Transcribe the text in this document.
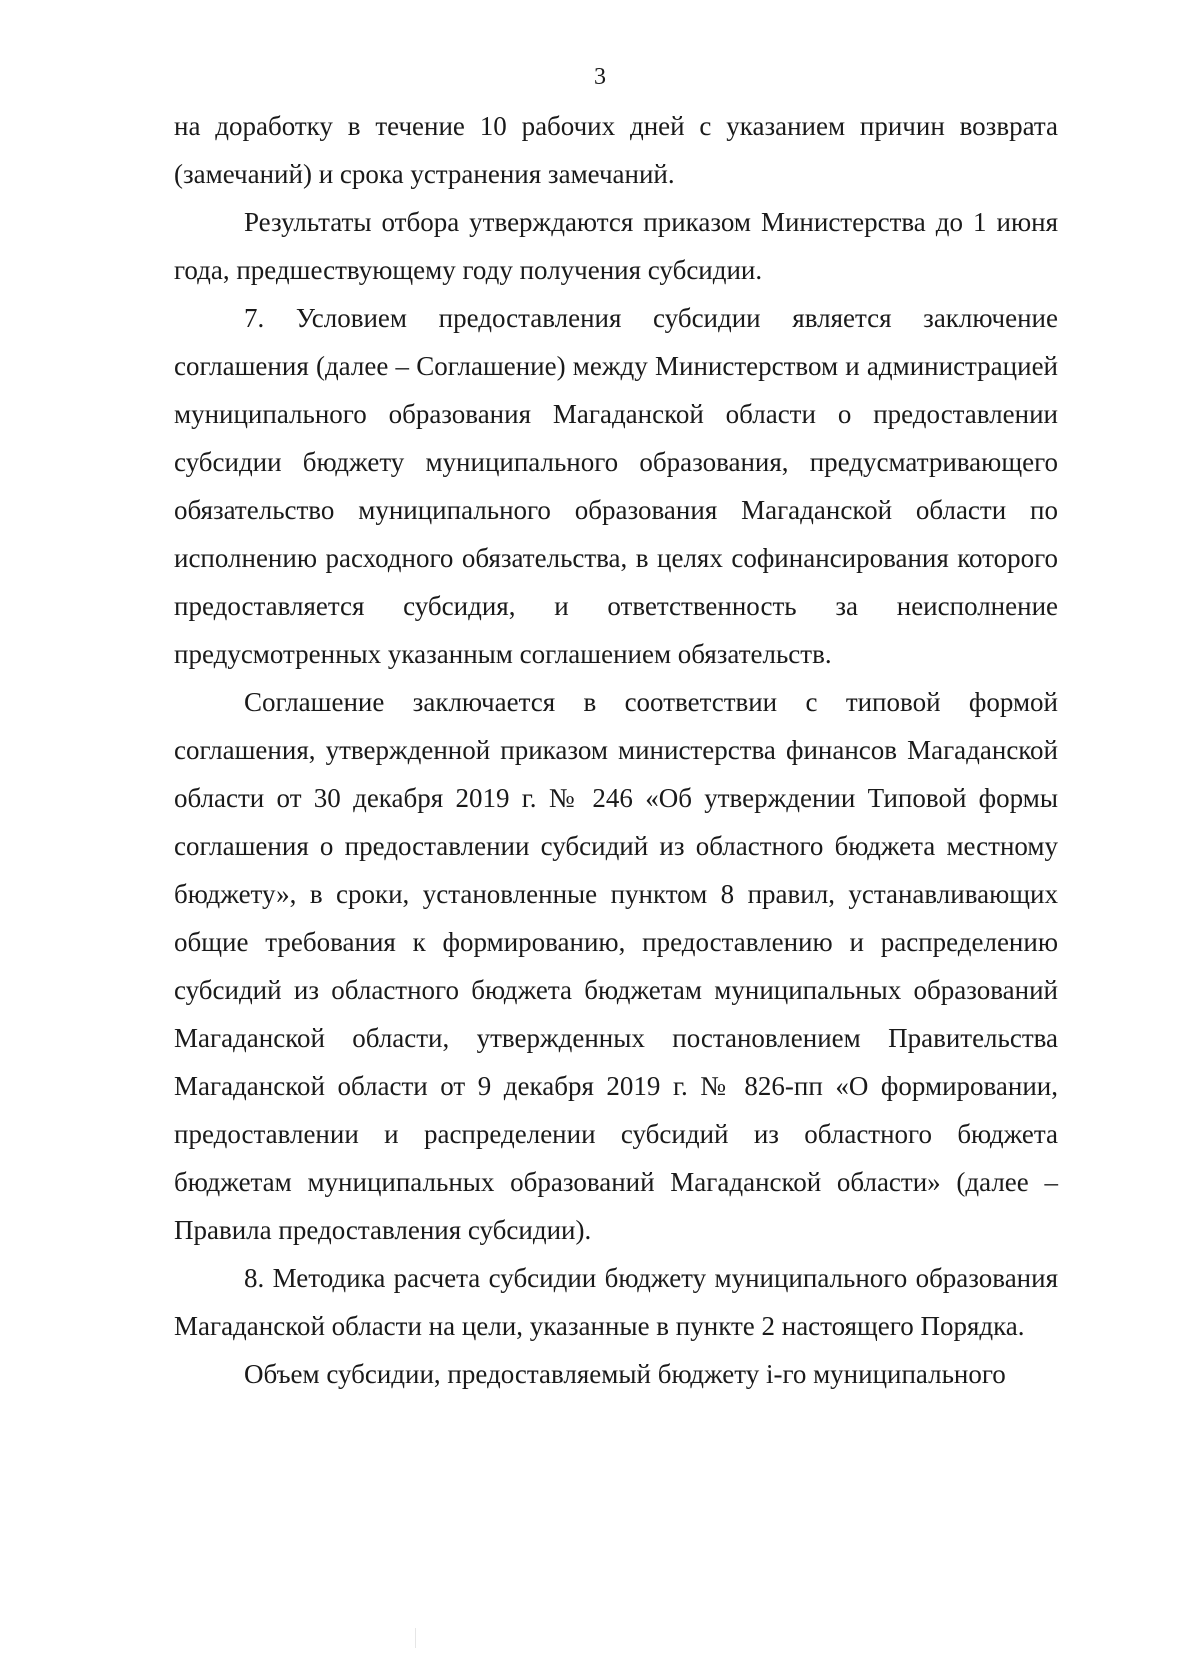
3

на доработку в течение 10 рабочих дней с указанием причин возврата (замечаний) и срока устранения замечаний.

Результаты отбора утверждаются приказом Министерства до 1 июня года, предшествующему году получения субсидии.

7. Условием предоставления субсидии является заключение соглашения (далее – Соглашение) между Министерством и администрацией муниципального образования Магаданской области о предоставлении субсидии бюджету муниципального образования, предусматривающего обязательство муниципального образования Магаданской области по исполнению расходного обязательства, в целях софинансирования которого предоставляется субсидия, и ответственность за неисполнение предусмотренных указанным соглашением обязательств.

Соглашение заключается в соответствии с типовой формой соглашения, утвержденной приказом министерства финансов Магаданской области от 30 декабря 2019 г. № 246 «Об утверждении Типовой формы соглашения о предоставлении субсидий из областного бюджета местному бюджету», в сроки, установленные пунктом 8 правил, устанавливающих общие требования к формированию, предоставлению и распределению субсидий из областного бюджета бюджетам муниципальных образований Магаданской области, утвержденных постановлением Правительства Магаданской области от 9 декабря 2019 г. № 826-пп «О формировании, предоставлении и распределении субсидий из областного бюджета бюджетам муниципальных образований Магаданской области» (далее – Правила предоставления субсидии).

8. Методика расчета субсидии бюджету муниципального образования Магаданской области на цели, указанные в пункте 2 настоящего Порядка.

Объем субсидии, предоставляемый бюджету i-го муниципального
